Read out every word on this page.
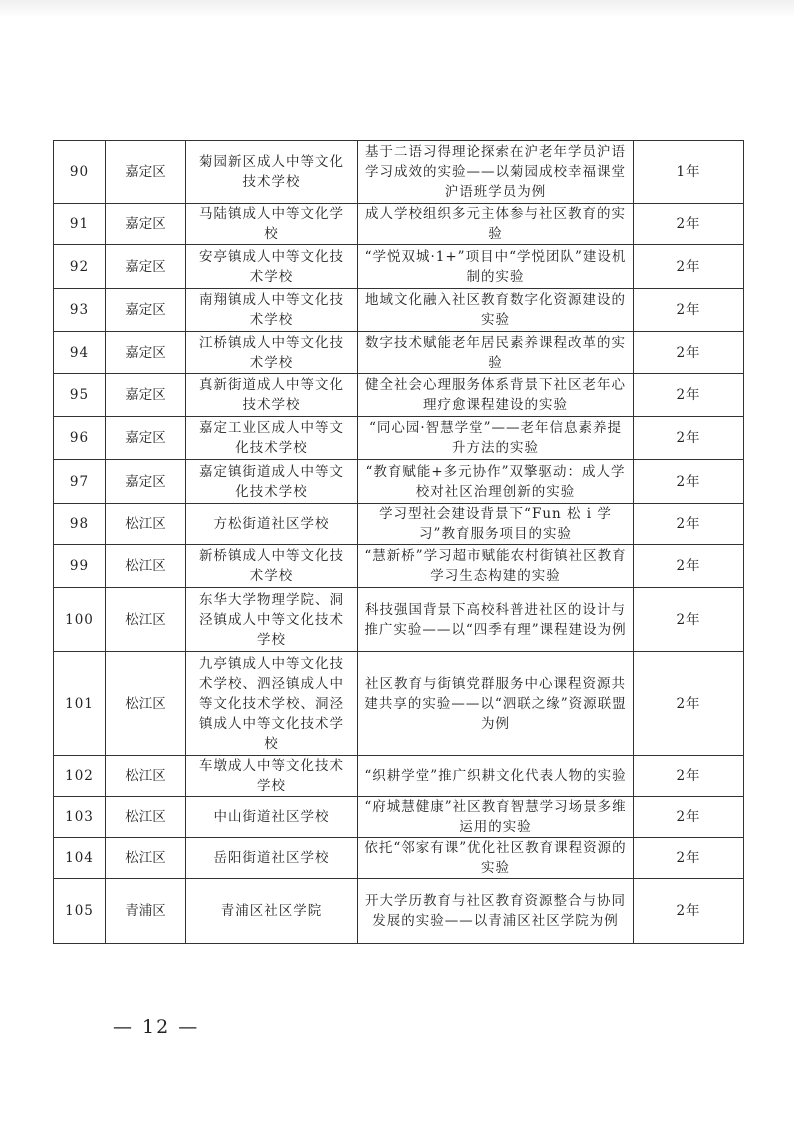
90	嘉定区	菊园新区成人中等文化技术学校	基于二语习得理论探索在沪老年学员沪语学习成效的实验——以菊园成校幸福课堂沪语班学员为例	1年
91	嘉定区	马陆镇成人中等文化学校	成人学校组织多元主体参与社区教育的实验	2年
92	嘉定区	安亭镇成人中等文化技术学校	“学悦双城·1+”项目中“学悦团队”建设机制的实验	2年
93	嘉定区	南翔镇成人中等文化技术学校	地域文化融入社区教育数字化资源建设的实验	2年
94	嘉定区	江桥镇成人中等文化技术学校	数字技术赋能老年居民素养课程改革的实验	2年
95	嘉定区	真新街道成人中等文化技术学校	健全社会心理服务体系背景下社区老年心理疗愈课程建设的实验	2年
96	嘉定区	嘉定工业区成人中等文化技术学校	“同心园·智慧学堂”——老年信息素养提升方法的实验	2年
97	嘉定区	嘉定镇街道成人中等文化技术学校	“教育赋能+多元协作”双擎驱动：成人学校对社区治理创新的实验	2年
98	松江区	方松街道社区学校	学习型社会建设背景下“Fun 松 i 学习”教育服务项目的实验	2年
99	松江区	新桥镇成人中等文化技术学校	“慧新桥”学习超市赋能农村街镇社区教育学习生态构建的实验	2年
100	松江区	东华大学物理学院、洞泾镇成人中等文化技术学校	科技强国背景下高校科普进社区的设计与推广实验——以“四季有理”课程建设为例	2年
101	松江区	九亭镇成人中等文化技术学校、泗泾镇成人中等文化技术学校、洞泾镇成人中等文化技术学校	社区教育与街镇党群服务中心课程资源共建共享的实验——以“泗联之缘”资源联盟为例	2年
102	松江区	车墩成人中等文化技术学校	“织耕学堂”推广织耕文化代表人物的实验	2年
103	松江区	中山街道社区学校	“府城慧健康”社区教育智慧学习场景多维运用的实验	2年
104	松江区	岳阳街道社区学校	依托“邻家有课”优化社区教育课程资源的实验	2年
105	青浦区	青浦区社区学院	开大学历教育与社区教育资源整合与协同发展的实验——以青浦区社区学院为例	2年
— 12 —
